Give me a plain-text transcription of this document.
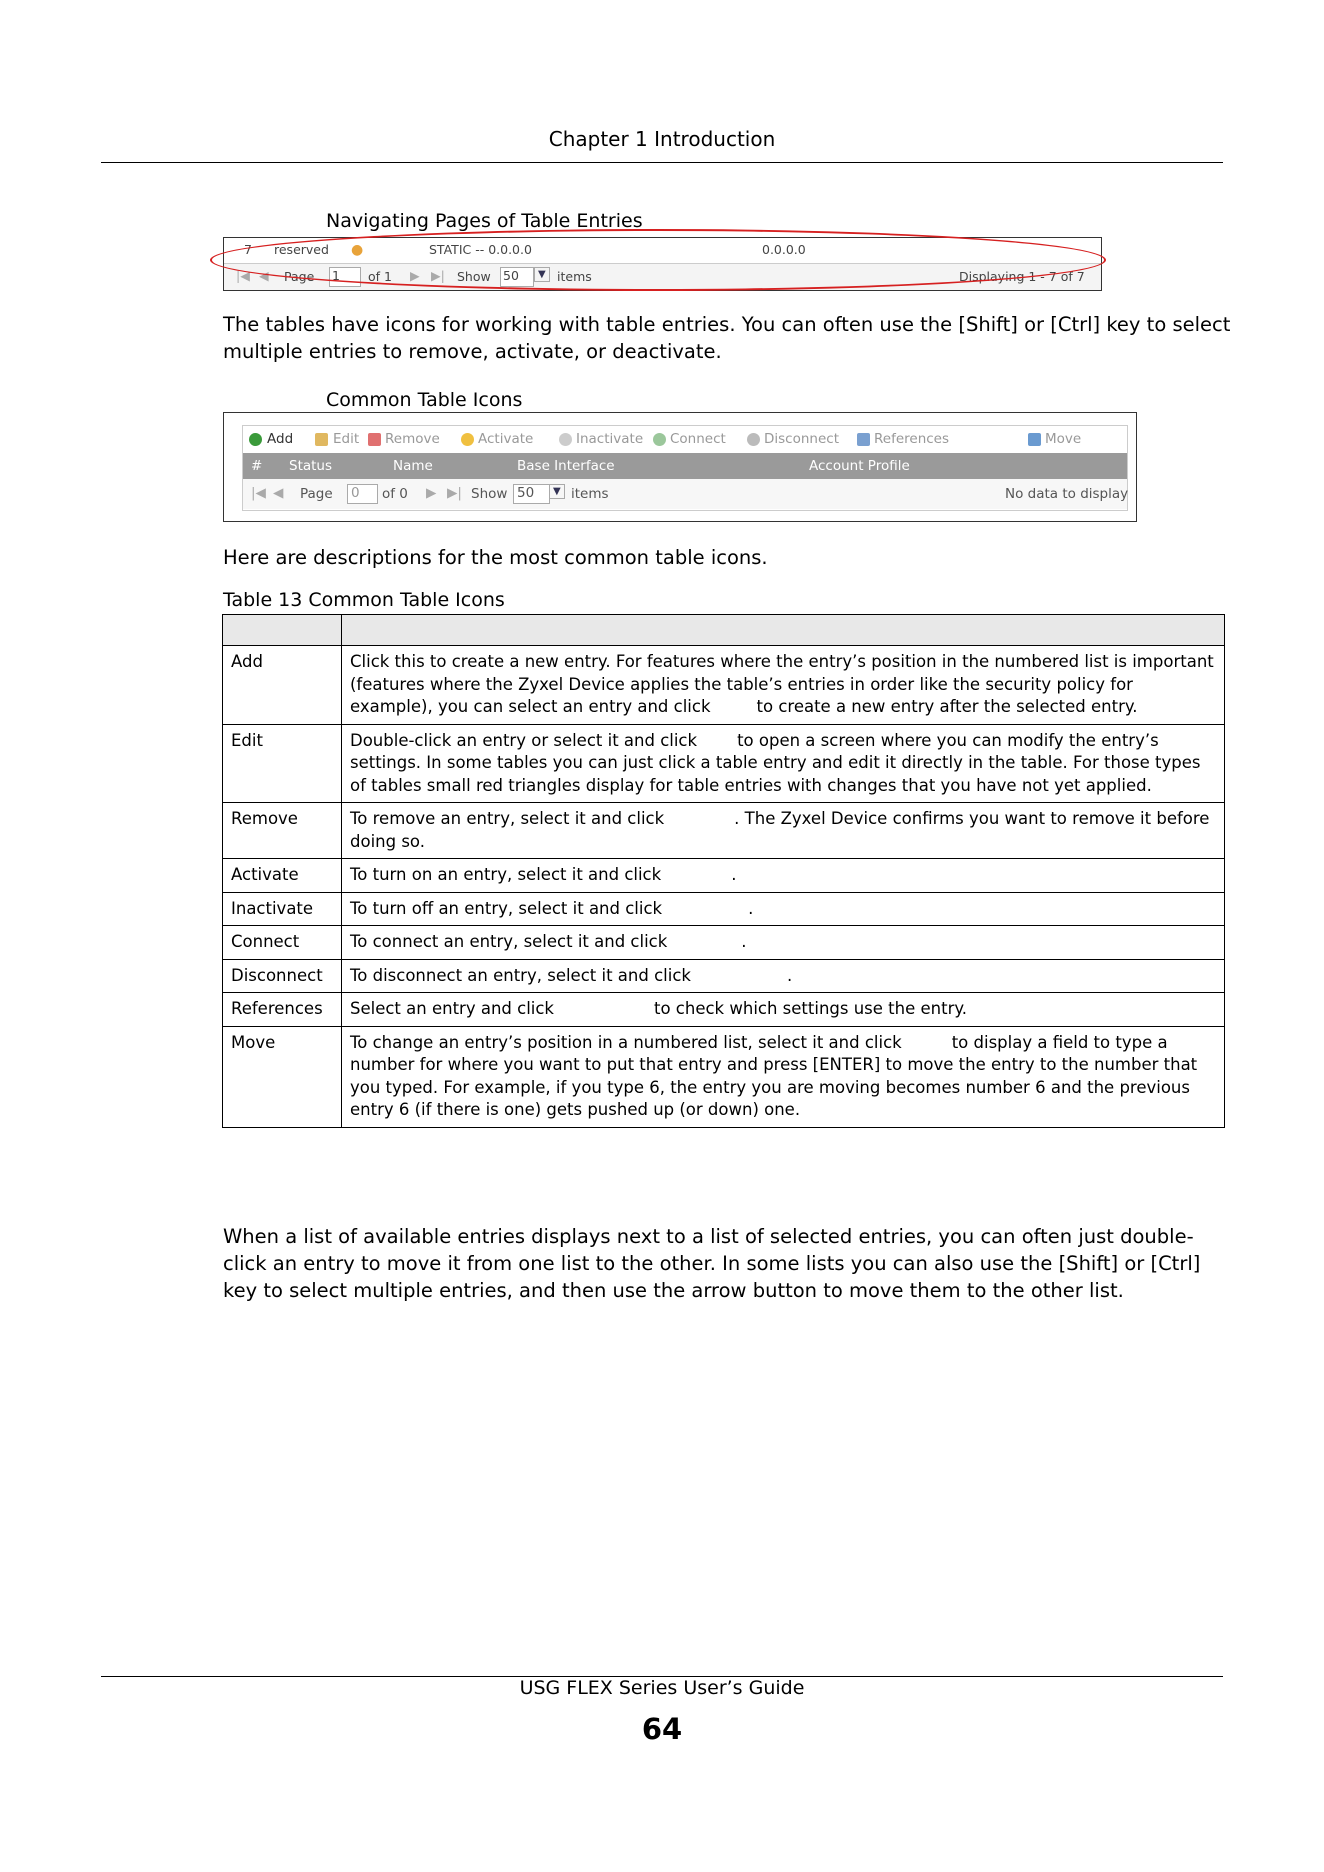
Chapter 1 Introduction
Navigating Pages of Table Entries
7 reserved ●	STATIC -- 0.0.0.0	0.0.0.0
|◀ ◀ Page 1	of 1 ▶ ▶| Show 50	▼ items	Displaying 1 - 7 of 7
The tables have icons for working with table entries. You can often use the [Shift] or [Ctrl] key to select multiple entries to remove, activate, or deactivate.
Common Table Icons
Add	Edit Remove	Activate	Inactivate Connect	Disconnect	References	Move
# Status	Name	Base Interface	Account Profile
|◀ ◀ Page 0	of 0 ▶ ▶| Show 50	▼ items	No data to display
Here are descriptions for the most common table icons.
Table 13 Common Table Icons

Add	Click this to create a new entry. For features where the entry’s position in the numbered list is important (features where the Zyxel Device applies the table’s entries in order like the security policy for example), you can select an entry and click to create a new entry after the selected entry.
Edit	Double-click an entry or select it and click to open a screen where you can modify the entry’s settings. In some tables you can just click a table entry and edit it directly in the table. For those types of tables small red triangles display for table entries with changes that you have not yet applied.
Remove	To remove an entry, select it and click . The Zyxel Device confirms you want to remove it before doing so.
Activate	To turn on an entry, select it and click .
Inactivate	To turn off an entry, select it and click .
Connect	To connect an entry, select it and click .
Disconnect	To disconnect an entry, select it and click .
References	Select an entry and click to check which settings use the entry.
Move	To change an entry’s position in a numbered list, select it and click to display a field to type a number for where you want to put that entry and press [ENTER] to move the entry to the number that you typed. For example, if you type 6, the entry you are moving becomes number 6 and the previous entry 6 (if there is one) gets pushed up (or down) one.
When a list of available entries displays next to a list of selected entries, you can often just double-click an entry to move it from one list to the other. In some lists you can also use the [Shift] or [Ctrl] key to select multiple entries, and then use the arrow button to move them to the other list.
USG FLEX Series User’s Guide
64
